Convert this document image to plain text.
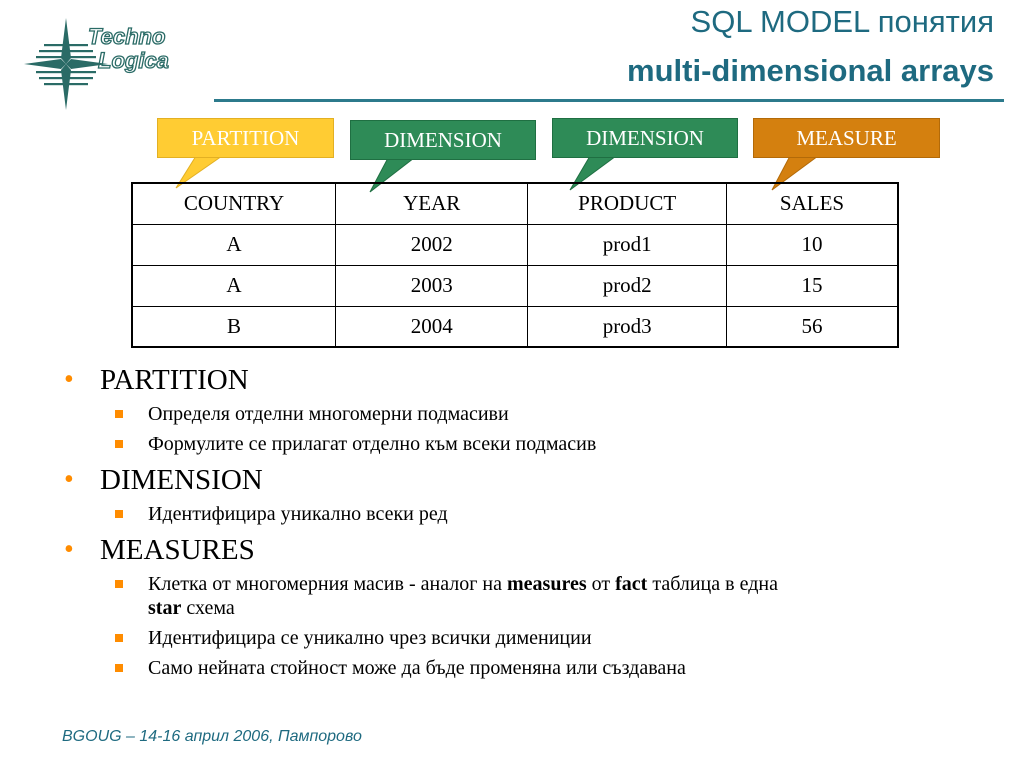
Techno
Logica
SQL MODEL понятия
multi-dimensional arrays
PARTITION	DIMENSION	DIMENSION	MEASURE
COUNTRY	YEAR	PRODUCT	SALES
A	2002	prod1	10
A	2003	prod2	15
B	2004	prod3	56
• PARTITION
Определя отделни многомерни подмасиви
Формулите се прилагат отделно към всеки подмасив
• DIMENSION
Идентифицира уникално всеки ред
• MEASURES
Клетка от многомерния масив - аналог на measures от fact таблица в една
star схема
Идентифицира се уникално чрез всички димениции
Само нейната стойност може да бъде променяна или създавана
BGOUG – 14-16 април 2006, Пампорово
